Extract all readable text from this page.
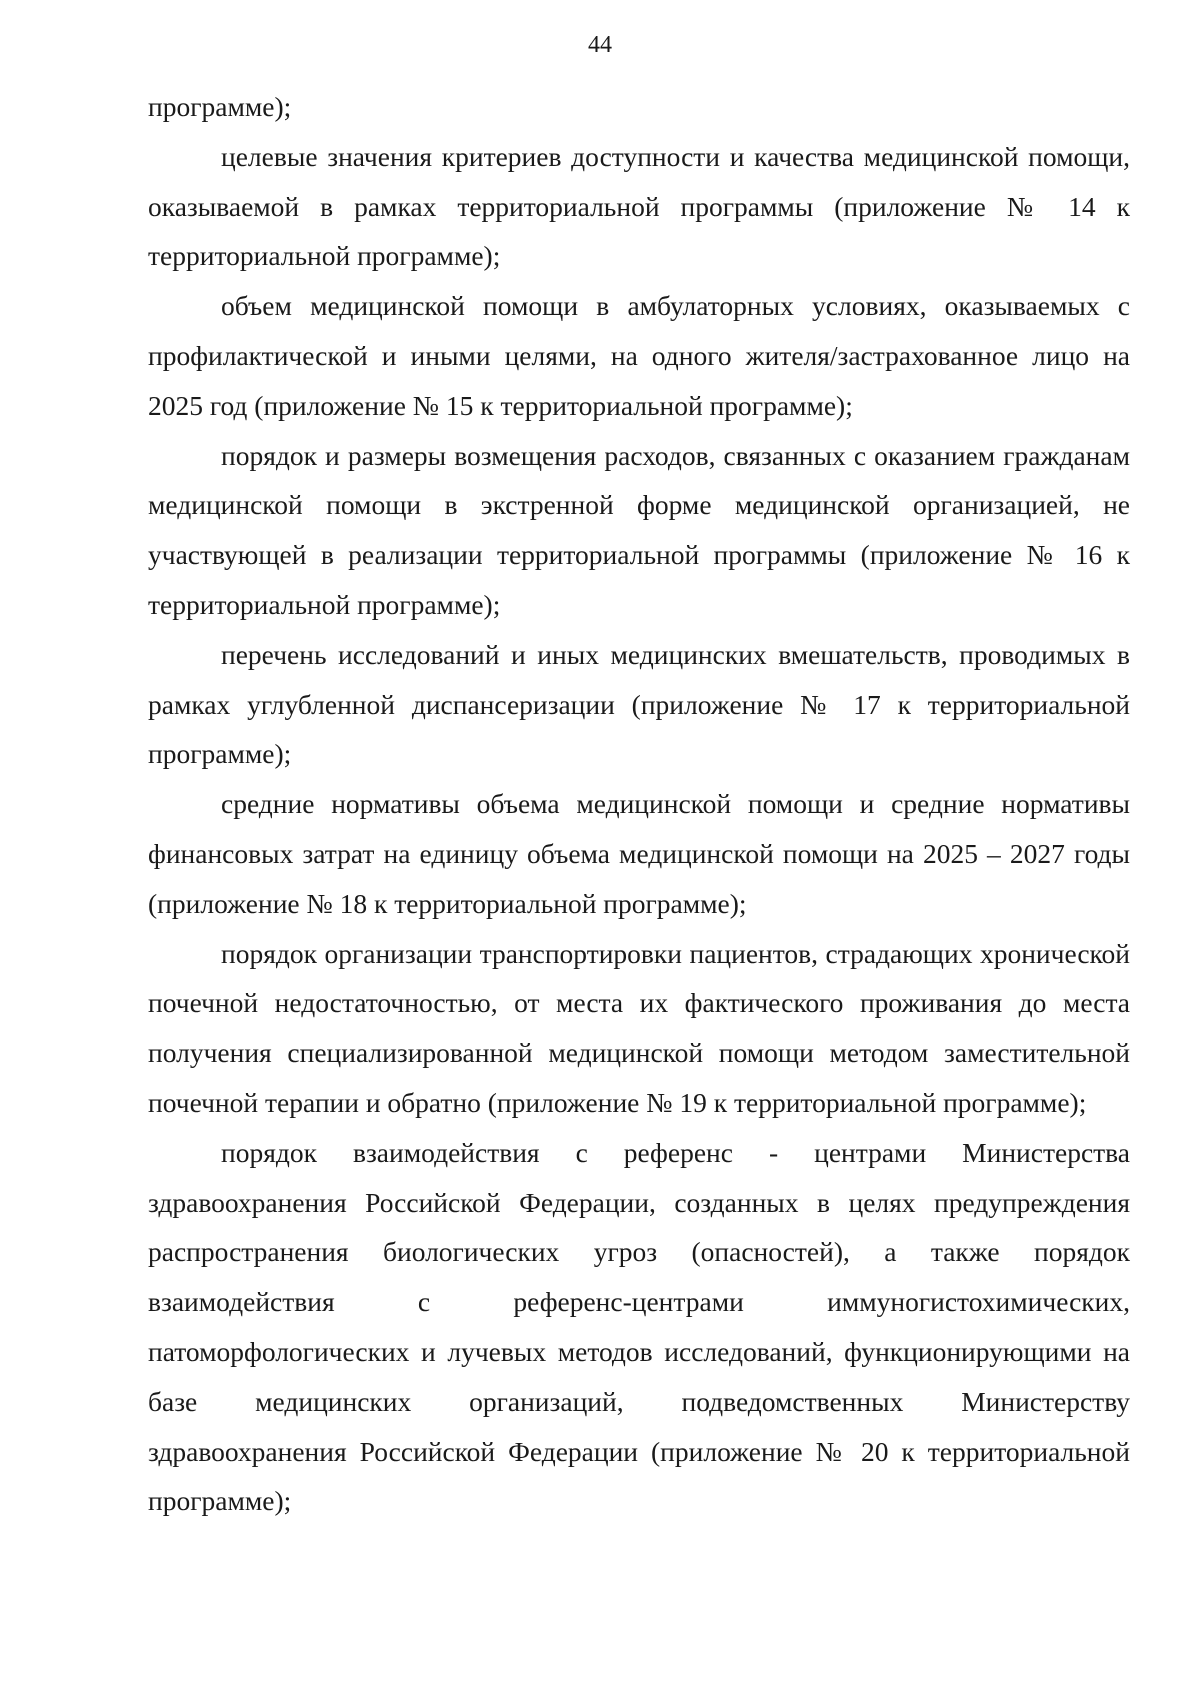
44

программе);

целевые значения критериев доступности и качества медицинской помощи, оказываемой в рамках территориальной программы (приложение № 14 к территориальной программе);

объем медицинской помощи в амбулаторных условиях, оказываемых с профилактической и иными целями, на одного жителя/застрахованное лицо на 2025 год (приложение № 15 к территориальной программе);

порядок и размеры возмещения расходов, связанных с оказанием гражданам медицинской помощи в экстренной форме медицинской организацией, не участвующей в реализации территориальной программы (приложение № 16 к территориальной программе);

перечень исследований и иных медицинских вмешательств, проводимых в рамках углубленной диспансеризации (приложение № 17 к территориальной программе);

средние нормативы объема медицинской помощи и средние нормативы финансовых затрат на единицу объема медицинской помощи на 2025 – 2027 годы (приложение № 18 к территориальной программе);

порядок организации транспортировки пациентов, страдающих хронической почечной недостаточностью, от места их фактического проживания до места получения специализированной медицинской помощи методом заместительной почечной терапии и обратно (приложение № 19 к территориальной программе);

порядок взаимодействия с референс - центрами Министерства здравоохранения Российской Федерации, созданных в целях предупреждения распространения биологических угроз (опасностей), а также порядок взаимодействия с референс-центрами иммуногистохимических, патоморфологических и лучевых методов исследований, функционирующими на базе медицинских организаций, подведомственных Министерству здравоохранения Российской Федерации (приложение № 20 к территориальной программе);
